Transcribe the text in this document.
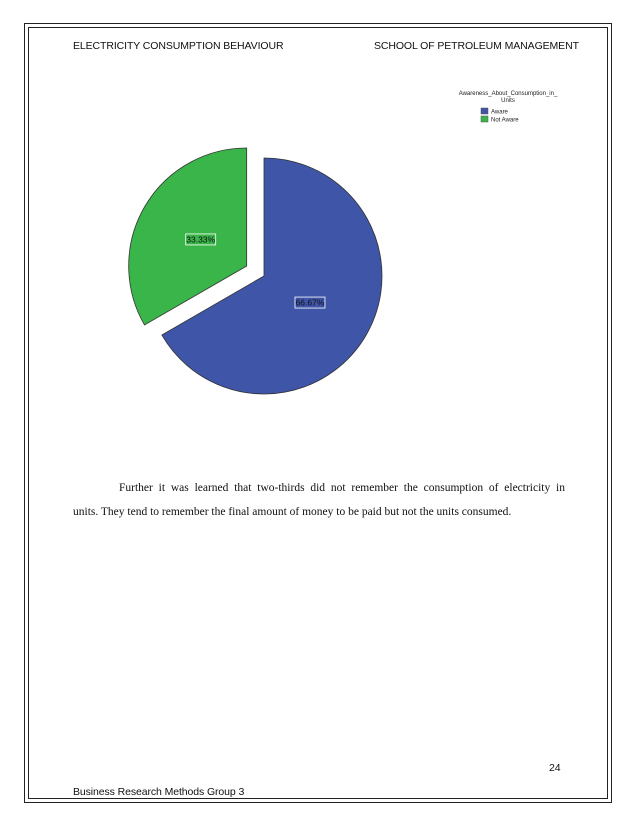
ELECTRICITY CONSUMPTION BEHAVIOUR	SCHOOL OF PETROLEUM MANAGEMENT
66.67%
33.33%
Awareness_About_Consumption_in_
Units
Aware
Not Aware
Further it was learned that two-thirds did not remember the consumption of electricity in
units. They tend to remember the final amount of money to be paid but not the units consumed.
24
Business Research Methods Group 3
